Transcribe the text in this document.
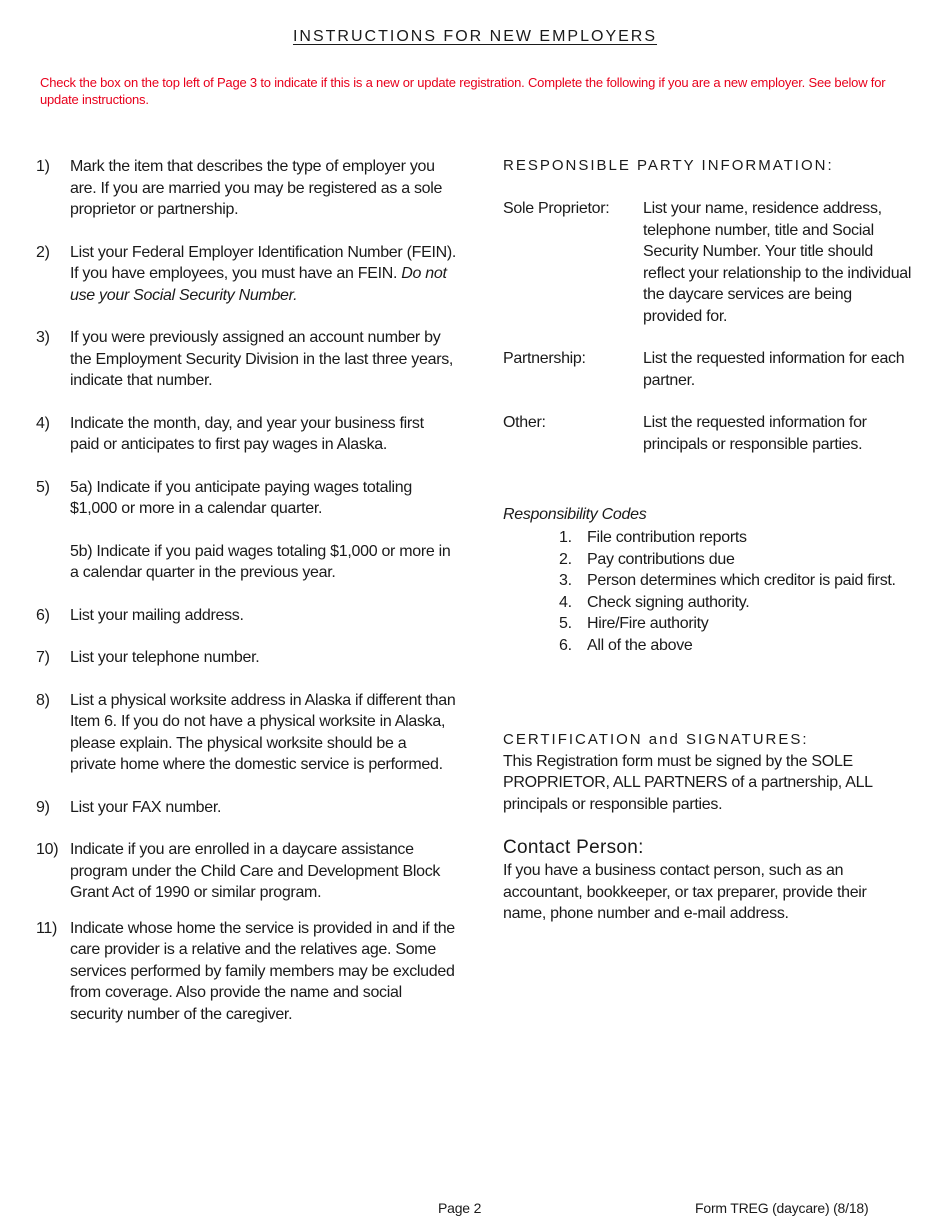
INSTRUCTIONS FOR NEW EMPLOYERS
Check the box on the top left of Page 3 to indicate if this is a new or update registration. Complete the following if you are a new employer. See below for update instructions.
1) Mark the item that describes the type of employer you are. If you are married you may be registered as a sole proprietor or partnership.

2) List your Federal Employer Identification Number (FEIN). If you have employees, you must have an FEIN. Do not use your Social Security Number.

3) If you were previously assigned an account number by the Employment Security Division in the last three years, indicate that number.

4) Indicate the month, day, and year your business first paid or anticipates to first pay wages in Alaska.

5) 5a) Indicate if you anticipate paying wages totaling $1,000 or more in a calendar quarter.

5b) Indicate if you paid wages totaling $1,000 or more in a calendar quarter in the previous year.

6) List your mailing address.

7) List your telephone number.

8) List a physical worksite address in Alaska if different than Item 6. If you do not have a physical worksite in Alaska, please explain. The physical worksite should be a private home where the domestic service is performed.

9) List your FAX number.

10) Indicate if you are enrolled in a daycare assistance program under the Child Care and Development Block Grant Act of 1990 or similar program.

11) Indicate whose home the service is provided in and if the care provider is a relative and the relatives age. Some services performed by family members may be excluded from coverage. Also provide the name and social security number of the caregiver.

RESPONSIBLE PARTY INFORMATION:
Sole Proprietor: List your name, residence address, telephone number, title and Social Security Number. Your title should reflect your relationship to the individual the daycare services are being provided for.
Partnership:	List the requested information for each partner.
Other:	List the requested information for principals or responsible parties.
Responsibility Codes
1. File contribution reports
2. Pay contributions due
3. Person determines which creditor is paid first.
4. Check signing authority.
5. Hire/Fire authority
6. All of the above
CERTIFICATION and SIGNATURES:
This Registration form must be signed by the SOLE PROPRIETOR, ALL PARTNERS of a partnership, ALL principals or responsible parties.
Contact Person:
If you have a business contact person, such as an accountant, bookkeeper, or tax preparer, provide their name, phone number and e-mail address.
Page 2	Form TREG (daycare) (8/18)
